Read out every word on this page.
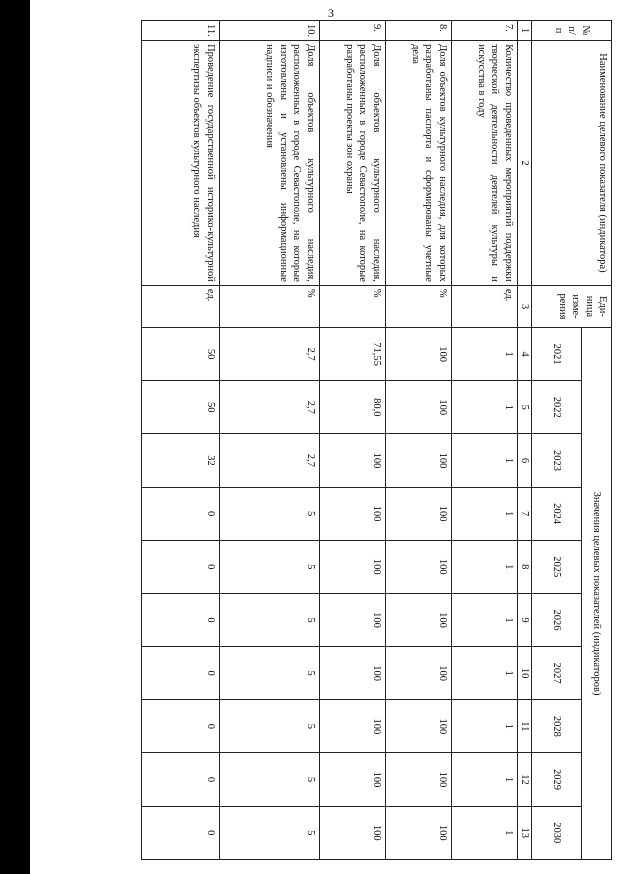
3
№ п/п	Наименование целевого показателя (индикатора)	Еди-ница изме-рения	Значения целевых показателей (индикаторов)									
			2021	2022	2023	2024	2025	2026	2027	2028	2029	2030
1	2	3	4	5	6	7	8	9	10	11	12	13
7.	Количество проведенных мероприятий поддержки творческой деятельности деятелей культуры и искусства в году	ед.	1	1	1	1	1	1	1	1	1	1
8.	Доля объектов культурного наследия, для которых разработаны паспорта и сформированы учетные дела	%	100	100	100	100	100	100	100	100	100	100
9.	Доля объектов культурного наследия, расположенных в городе Севастополе, на которые разработаны проекты зон охраны	%	71,55	80,0	100	100	100	100	100	100	100	100
10.	Доля объектов культурного наследия, расположенных в городе Севастополе, на которые изготовлены и установлены информационные надписи и обозначения	%	2,7	2,7	2,7	5	5	5	5	5	5	5
11.	Проведение государственной историко-культурной экспертизы объектов культурного наследия	ед.	50	50	32	0	0	0	0	0	0	0
